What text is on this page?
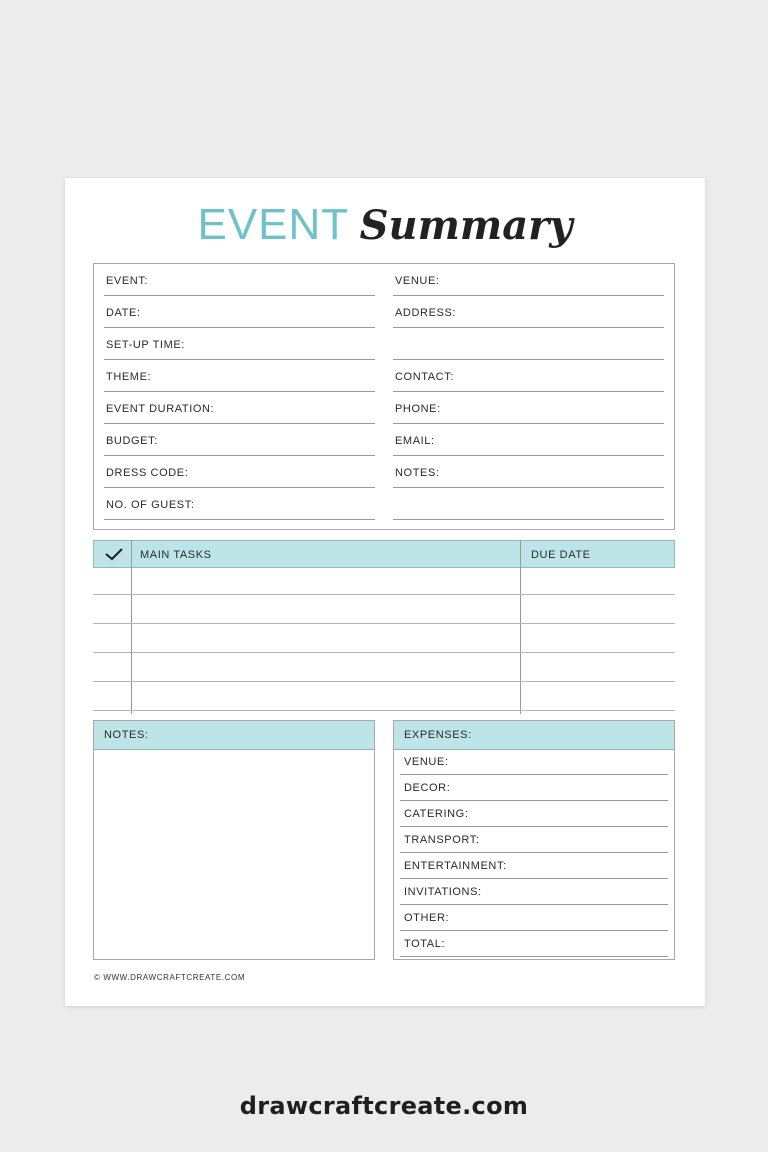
EVENT Summary
EVENT:
DATE:
SET-UP TIME:
THEME:
EVENT DURATION:
BUDGET:
DRESS CODE:
NO. OF GUEST:
VENUE:
ADDRESS:
CONTACT:
PHONE:
EMAIL:
NOTES:
MAIN TASKS	DUE DATE
NOTES:	EXPENSES:
VENUE:
DECOR:
CATERING:
TRANSPORT:
ENTERTAINMENT:
INVITATIONS:
OTHER:
TOTAL:
© WWW.DRAWCRAFTCREATE.COM
drawcraftcreate.com
